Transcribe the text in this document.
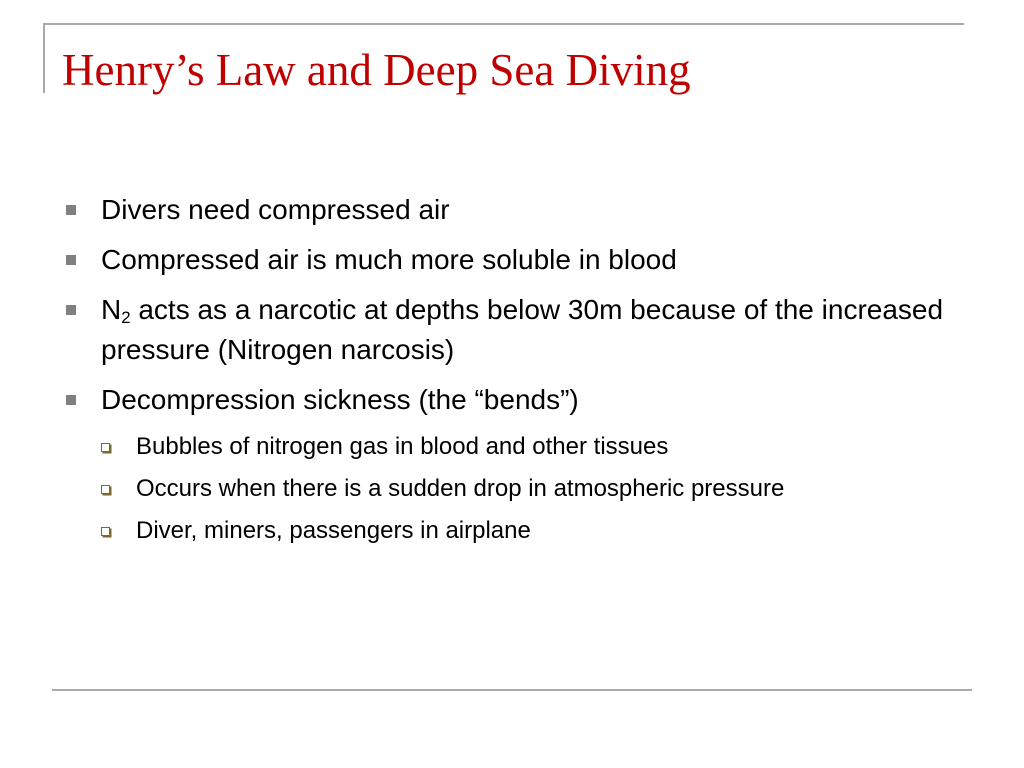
Henry’s Law and Deep Sea Diving
Divers need compressed air
Compressed air is much more soluble in blood
$N_2$ acts as a narcotic at depths below 30m because of the increased pressure (Nitrogen narcosis)
Decompression sickness (the “bends”)
Bubbles of nitrogen gas in blood and other tissues
Occurs when there is a sudden drop in atmospheric pressure
Diver, miners, passengers in airplane
